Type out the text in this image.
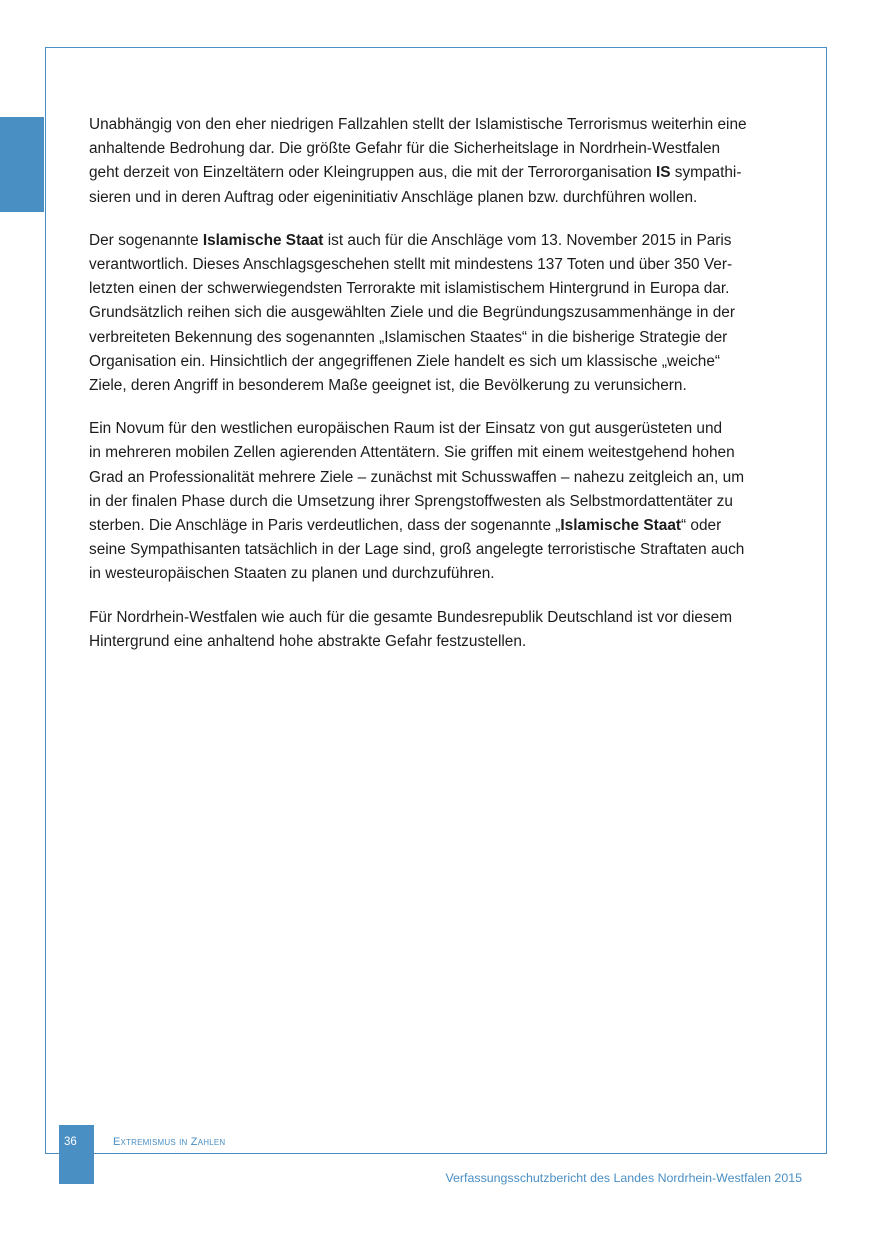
Unabhängig von den eher niedrigen Fallzahlen stellt der Islamistische Terrorismus weiterhin eine
anhaltende Bedrohung dar. Die größte Gefahr für die Sicherheitslage in Nordrhein-Westfalen
geht derzeit von Einzeltätern oder Kleingruppen aus, die mit der Terrororganisation IS sympathi-
sieren und in deren Auftrag oder eigeninitiativ Anschläge planen bzw. durchführen wollen.

Der sogenannte Islamische Staat ist auch für die Anschläge vom 13. November 2015 in Paris
verantwortlich. Dieses Anschlagsgeschehen stellt mit mindestens 137 Toten und über 350 Ver-
letzten einen der schwerwiegendsten Terrorakte mit islamistischem Hintergrund in Europa dar.
Grundsätzlich reihen sich die ausgewählten Ziele und die Begründungszusammenhänge in der
verbreiteten Bekennung des sogenannten „Islamischen Staates“ in die bisherige Strategie der
Organisation ein. Hinsichtlich der angegriffenen Ziele handelt es sich um klassische „weiche“
Ziele, deren Angriff in besonderem Maße geeignet ist, die Bevölkerung zu verunsichern.

Ein Novum für den westlichen europäischen Raum ist der Einsatz von gut ausgerüsteten und
in mehreren mobilen Zellen agierenden Attentätern. Sie griffen mit einem weitestgehend hohen
Grad an Professionalität mehrere Ziele – zunächst mit Schusswaffen – nahezu zeitgleich an, um
in der finalen Phase durch die Umsetzung ihrer Sprengstoffwesten als Selbstmordattentäter zu
sterben. Die Anschläge in Paris verdeutlichen, dass der sogenannte „Islamische Staat“ oder
seine Sympathisanten tatsächlich in der Lage sind, groß angelegte terroristische Straftaten auch
in westeuropäischen Staaten zu planen und durchzuführen.

Für Nordrhein-Westfalen wie auch für die gesamte Bundesrepublik Deutschland ist vor diesem
Hintergrund eine anhaltend hohe abstrakte Gefahr festzustellen.

36	Extremismus in Zahlen
Verfassungsschutzbericht des Landes Nordrhein-Westfalen 2015
